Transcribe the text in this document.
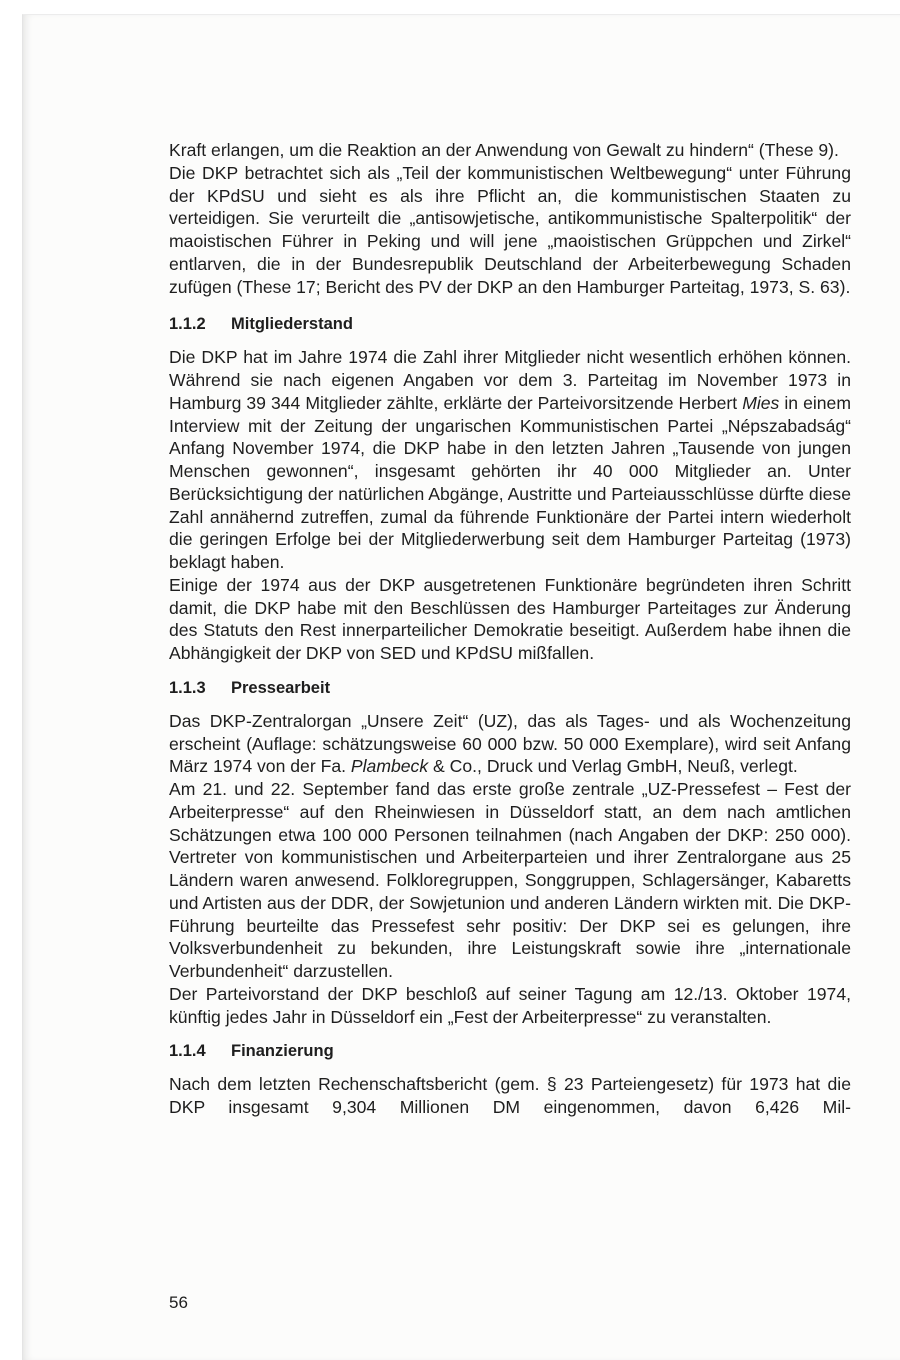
Kraft erlangen, um die Reaktion an der Anwendung von Gewalt zu hindern“ (These 9).

Die DKP betrachtet sich als „Teil der kommunistischen Weltbewegung“ unter Führung der KPdSU und sieht es als ihre Pflicht an, die kommunistischen Staaten zu verteidigen. Sie verurteilt die „antisowjetische, antikommunistische Spalterpolitik“ der maoistischen Führer in Peking und will jene „maoistischen Grüppchen und Zirkel“ entlarven, die in der Bundesrepublik Deutschland der Arbeiterbewegung Schaden zufügen (These 17; Bericht des PV der DKP an den Hamburger Parteitag, 1973, S. 63).

1.1.2 Mitgliederstand

Die DKP hat im Jahre 1974 die Zahl ihrer Mitglieder nicht wesentlich erhöhen können. Während sie nach eigenen Angaben vor dem 3. Parteitag im November 1973 in Hamburg 39 344 Mitglieder zählte, erklärte der Parteivorsitzende Herbert Mies in einem Interview mit der Zeitung der ungarischen Kommunistischen Partei „Népszabadság“ Anfang November 1974, die DKP habe in den letzten Jahren „Tausende von jungen Menschen gewonnen“, insgesamt gehörten ihr 40 000 Mitglieder an. Unter Berücksichtigung der natürlichen Abgänge, Austritte und Parteiausschlüsse dürfte diese Zahl annähernd zutreffen, zumal da führende Funktionäre der Partei intern wiederholt die geringen Erfolge bei der Mitgliederwerbung seit dem Hamburger Parteitag (1973) beklagt haben.

Einige der 1974 aus der DKP ausgetretenen Funktionäre begründeten ihren Schritt damit, die DKP habe mit den Beschlüssen des Hamburger Parteitages zur Änderung des Statuts den Rest innerparteilicher Demokratie beseitigt. Außerdem habe ihnen die Abhängigkeit der DKP von SED und KPdSU mißfallen.

1.1.3 Pressearbeit

Das DKP-Zentralorgan „Unsere Zeit“ (UZ), das als Tages- und als Wochenzeitung erscheint (Auflage: schätzungsweise 60 000 bzw. 50 000 Exemplare), wird seit Anfang März 1974 von der Fa. Plambeck & Co., Druck und Verlag GmbH, Neuß, verlegt.

Am 21. und 22. September fand das erste große zentrale „UZ-Pressefest – Fest der Arbeiterpresse“ auf den Rheinwiesen in Düsseldorf statt, an dem nach amtlichen Schätzungen etwa 100 000 Personen teilnahmen (nach Angaben der DKP: 250 000). Vertreter von kommunistischen und Arbeiterparteien und ihrer Zentralorgane aus 25 Ländern waren anwesend. Folkloregruppen, Songgruppen, Schlagersänger, Kabaretts und Artisten aus der DDR, der Sowjetunion und anderen Ländern wirkten mit. Die DKP-Führung beurteilte das Pressefest sehr positiv: Der DKP sei es gelungen, ihre Volksverbundenheit zu bekunden, ihre Leistungskraft sowie ihre „internationale Verbundenheit“ darzustellen.

Der Parteivorstand der DKP beschloß auf seiner Tagung am 12./13. Oktober 1974, künftig jedes Jahr in Düsseldorf ein „Fest der Arbeiterpresse“ zu veranstalten.

1.1.4 Finanzierung

Nach dem letzten Rechenschaftsbericht (gem. § 23 Parteiengesetz) für 1973 hat die DKP insgesamt 9,304 Millionen DM eingenommen, davon 6,426 Mil-

56
